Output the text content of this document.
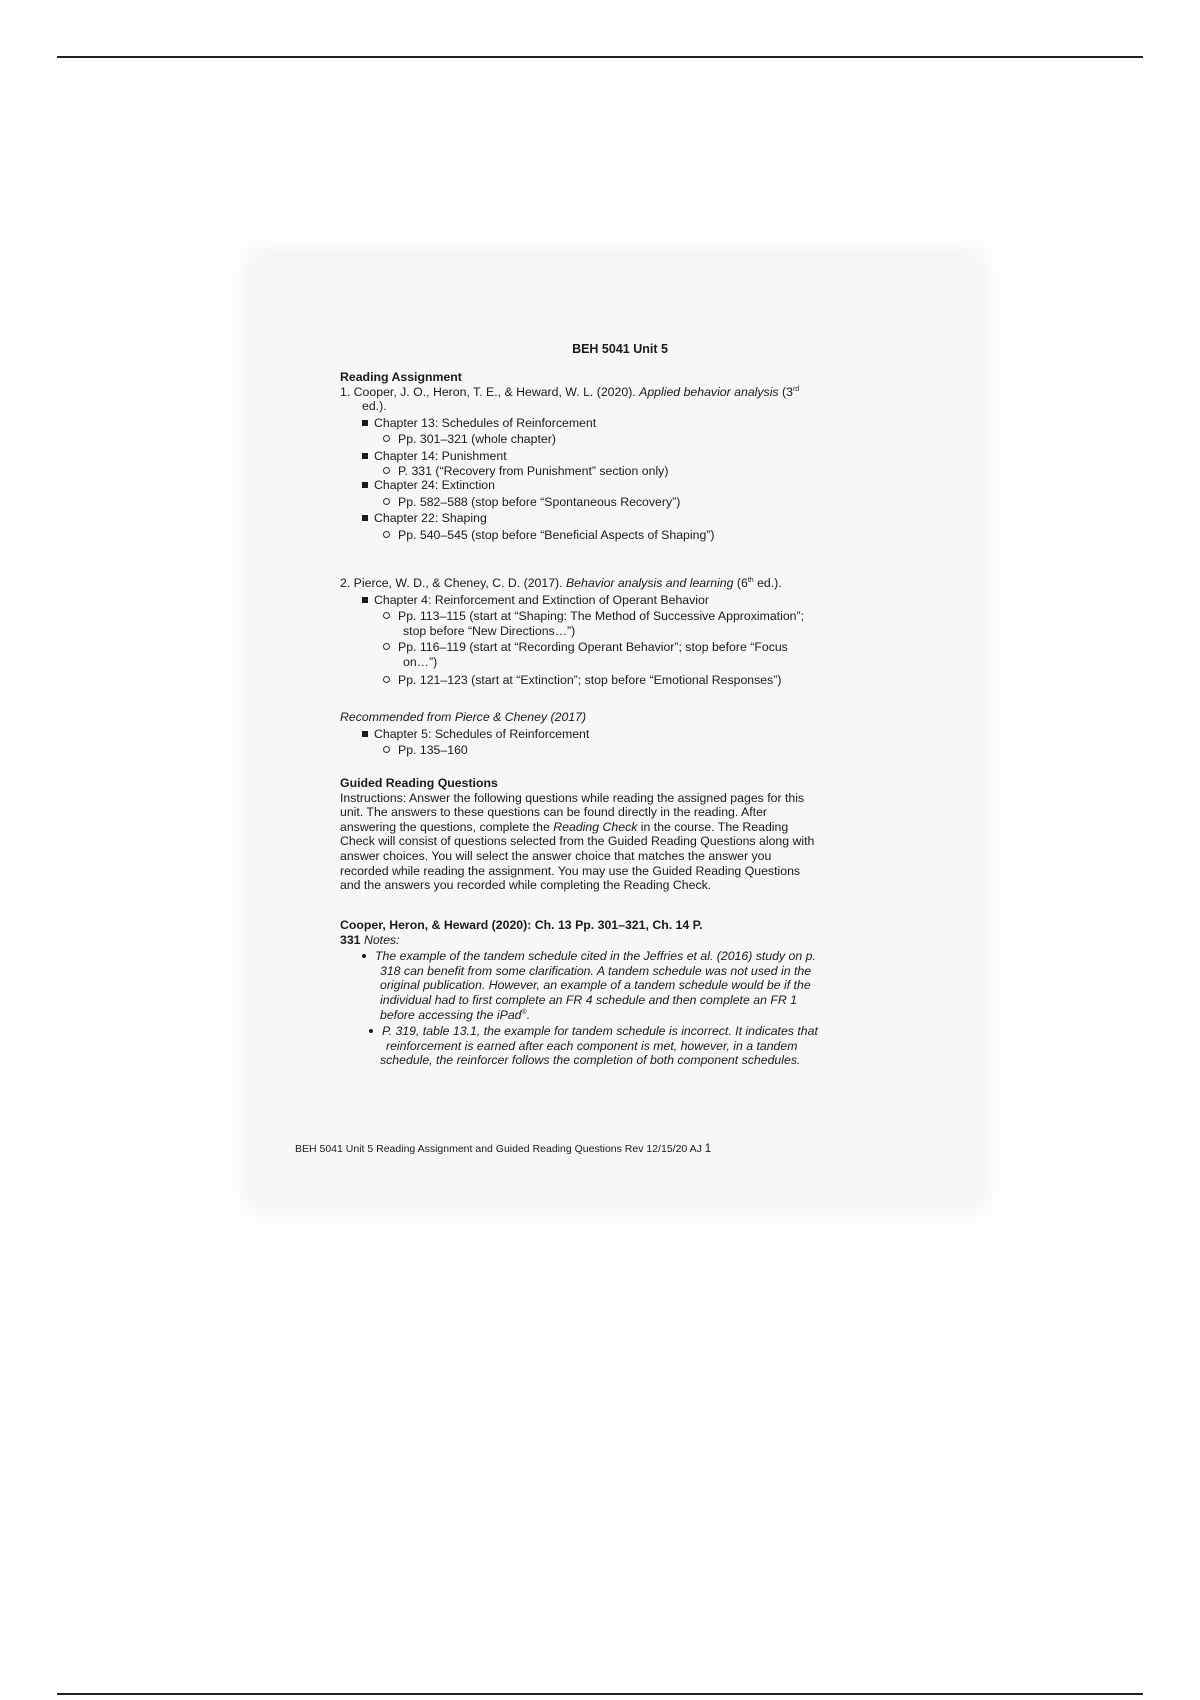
BEH 5041 Unit 5
Reading Assignment
1. Cooper, J. O., Heron, T. E., & Heward, W. L. (2020). Applied behavior analysis (3rd
ed.).
Chapter 13: Schedules of Reinforcement
Pp. 301–321 (whole chapter)
Chapter 14: Punishment
P. 331 (“Recovery from Punishment” section only)
Chapter 24: Extinction
Pp. 582–588 (stop before “Spontaneous Recovery”)
Chapter 22: Shaping
Pp. 540–545 (stop before “Beneficial Aspects of Shaping”)
2. Pierce, W. D., & Cheney, C. D. (2017). Behavior analysis and learning (6th ed.).
Chapter 4: Reinforcement and Extinction of Operant Behavior
Pp. 113–115 (start at “Shaping: The Method of Successive Approximation”;
stop before “New Directions…”)
Pp. 116–119 (start at “Recording Operant Behavior”; stop before “Focus
on…”)
Pp. 121–123 (start at “Extinction”; stop before “Emotional Responses”)
Recommended from Pierce & Cheney (2017)
Chapter 5: Schedules of Reinforcement
Pp. 135–160
Guided Reading Questions
Instructions: Answer the following questions while reading the assigned pages for this
unit. The answers to these questions can be found directly in the reading. After
answering the questions, complete the Reading Check in the course. The Reading
Check will consist of questions selected from the Guided Reading Questions along with
answer choices. You will select the answer choice that matches the answer you
recorded while reading the assignment. You may use the Guided Reading Questions
and the answers you recorded while completing the Reading Check.
Cooper, Heron, & Heward (2020): Ch. 13 Pp. 301–321, Ch. 14 P.
331 Notes:
The example of the tandem schedule cited in the Jeffries et al. (2016) study on p.
318 can benefit from some clarification. A tandem schedule was not used in the
original publication. However, an example of a tandem schedule would be if the
individual had to first complete an FR 4 schedule and then complete an FR 1
before accessing the iPad®.
P. 319, table 13.1, the example for tandem schedule is incorrect. It indicates that
reinforcement is earned after each component is met, however, in a tandem
schedule, the reinforcer follows the completion of both component schedules.
BEH 5041 Unit 5 Reading Assignment and Guided Reading Questions Rev 12/15/20 AJ 1
